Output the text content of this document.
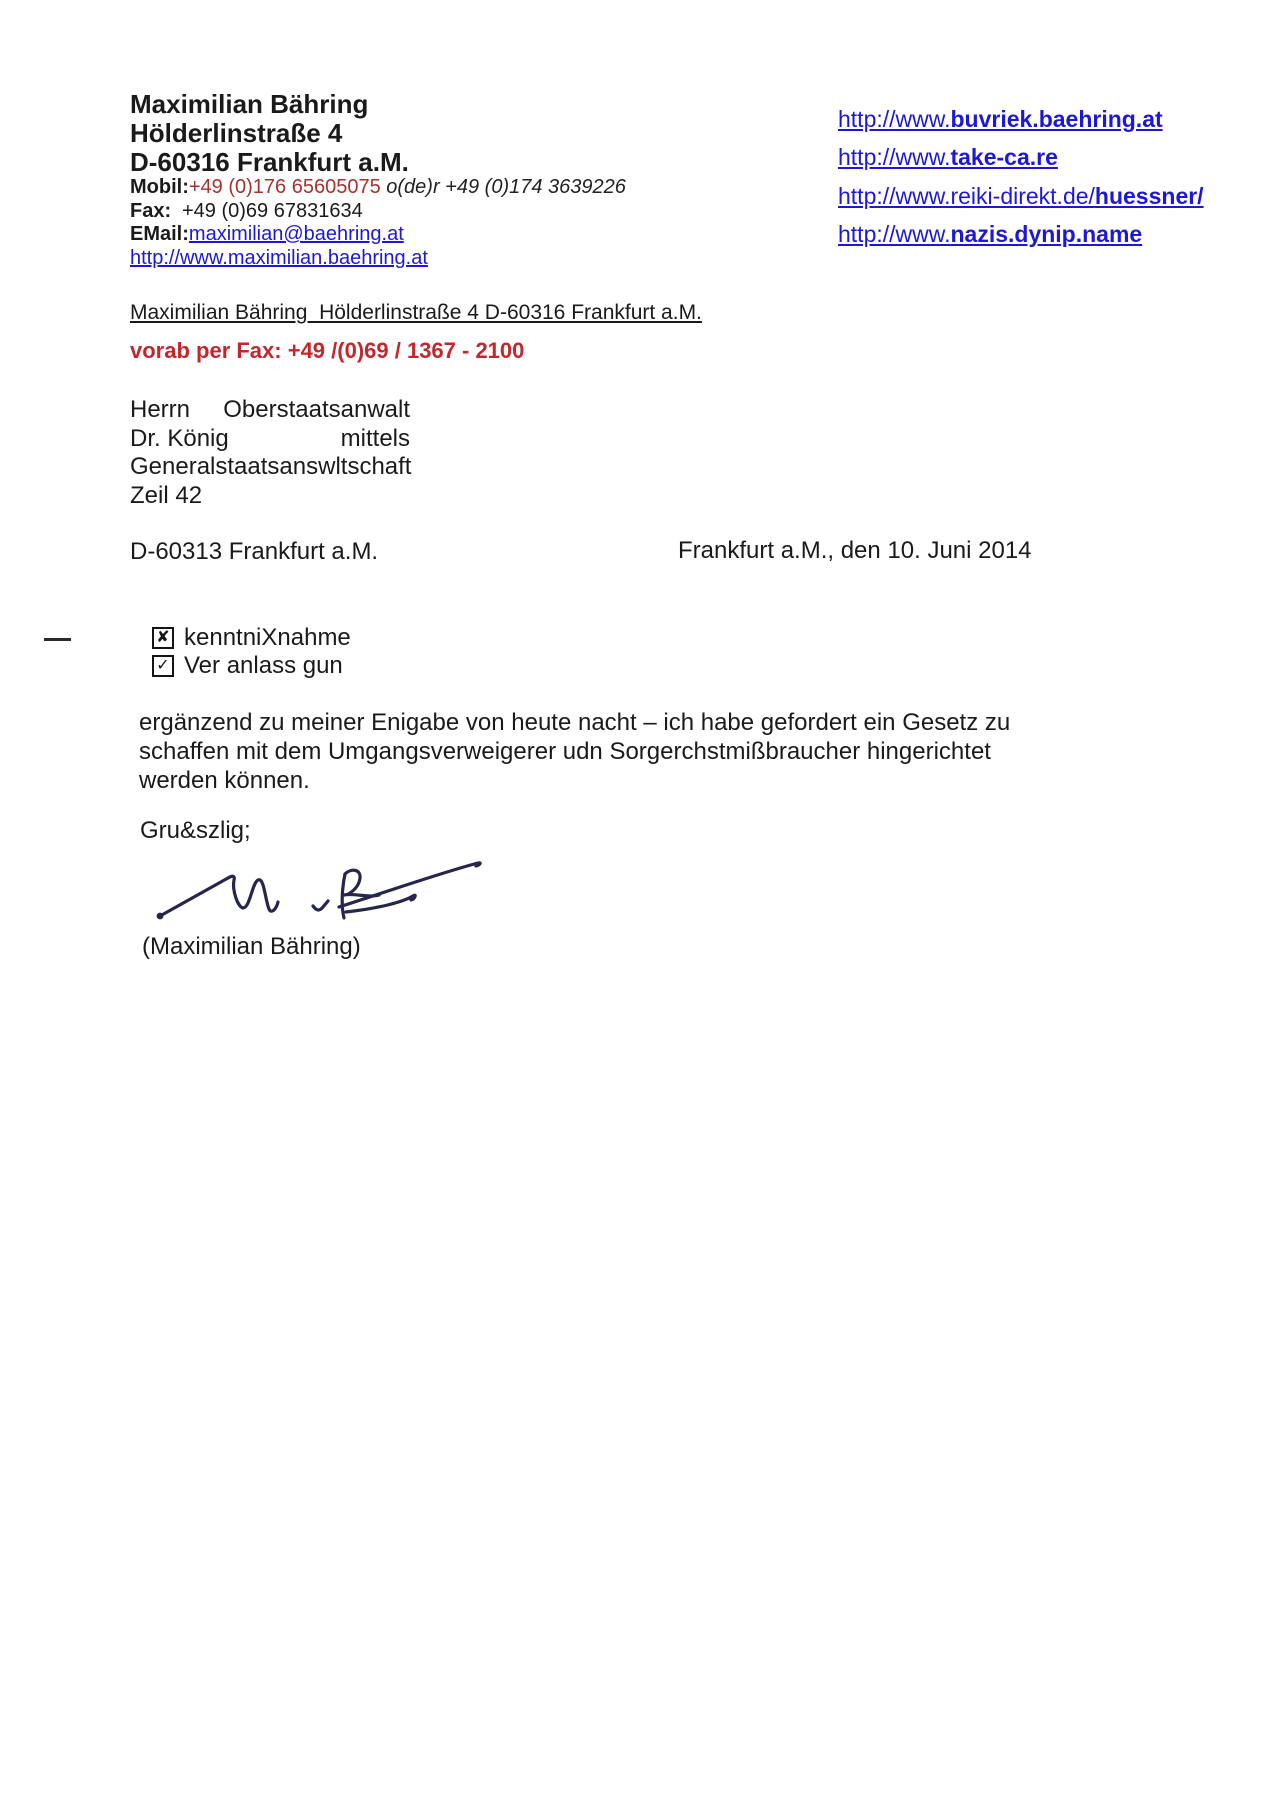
Maximilian Bähring
Hölderlinstraße 4
D-60316 Frankfurt a.M.
Mobil:+49 (0)176 65605075 o(de)r +49 (0)174 3639226
Fax: +49 (0)69 67831634
EMail:maximilian@baehring.at
http://www.maximilian.baehring.at
http://www.buvriek.baehring.at
http://www.take-ca.re
http://www.reiki-direkt.de/huessner/
http://www.nazis.dynip.name
Maximilian Bähring  Hölderlinstraße 4 D-60316 Frankfurt a.M.
vorab per Fax: +49 /(0)69 / 1367 - 2100
Herrn Oberstaatsanwalt
Dr. König	mittels
Generalstaatsanswltschaft
Zeil 42
D-60313 Frankfurt a.M.	Frankfurt a.M., den 10. Juni 2014
✘ kenntniXnahme
✓ Ver anlass gun
ergänzend zu meiner Enigabe von heute nacht – ich habe gefordert ein Gesetz zu
schaffen mit dem Umgangsverweigerer udn Sorgerchstmißbraucher hingerichtet
werden können.
Gru&szlig;
(Maximilian Bähring)
